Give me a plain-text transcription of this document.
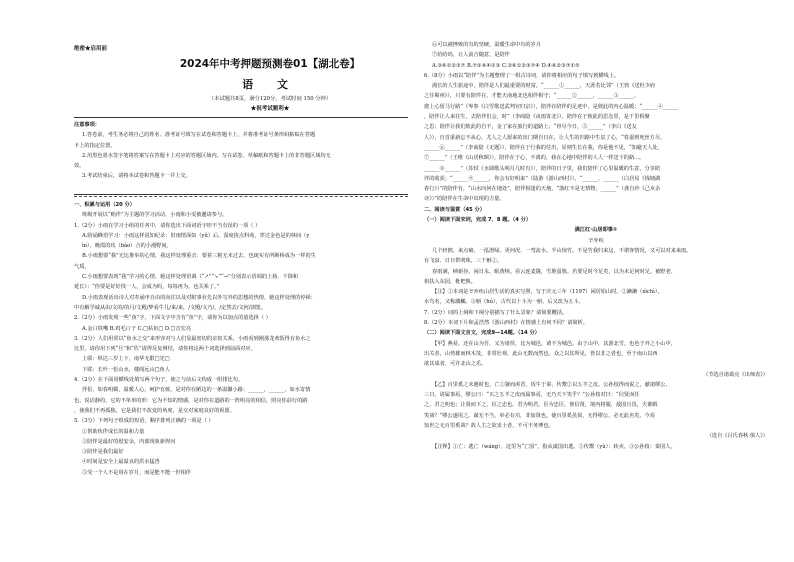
绝密★启用前
2024年中考押题预测卷01【湖北卷】
语 文
（本试题共8页，满分120分，考试时间 150 分钟）
★祝考试顺利★
注意事项：
1.答卷前，考生务必将自己的姓名、准考证号填写在试卷和答题卡上，并将准考证号条形码粘贴在答题
卡上的指定位置。
2.用黑色墨水签字笔将答案写在答题卡上对应的答题区域内，写在试卷、草稿纸和答题卡上的非答题区域均无
效。
3.考试结束后，请将本试卷和答题卡一并上交。
一、积累与运用（20 分）
班级开展以“贻伴”为主题的学习活动，小雨和小雯被邀请参与。
1.（2分）小雨在学习小组的任务中，请你选出下面词语字形不当有误的一项（ ）
A.阴诵蜂语学习：小雨这样说知纪录：旧雨情深如（yǔ）后，湿度扰点科苑，穿过金色是的林间（y
ìn），晚霞的玫（bǎo）合的小漫野间。
B.小雨想要“我”无比推举的心情，我这样处理重音：要着三粗无未过去，也琉实有所断桥成为一样的生
气质。
C.小雨想要表现“我”学习的心情，她这样处理语调（“↗”“↘”“→”分别表示语调的上扬、下降和
延长）：“你要是好好找一人，会成为吗，每每再为，也关系了。”
D.小雨表现话出诗人对寿诵申自由的向往以及对附事业先以外写外的思想的热情，她这样处理的停顿：
中有解学诚从由/文的/的月/文殿/梦看牛儿/来/来，/文殿/文乃/，/定然去/文何/浏览。
2.（2分）小雨发现一些“鱼”字，下面文字中含有“鱼”字，请你为以加点的量选择（ ）
A.金口铁嘴 B.鸡毛口子 C.□枯鱼□ D.□音宏亮
3.（2分）人们用常以“鱼水之交”来形容对与人们显最密切的亲密关系，小雨看到刚那龙欢饭得有鱼水之
比里，请你用下列“旦”和“佐”请得反复网结，请你将这两个词选择到前面对应。
上联：纵达三岁上下，南华无限□光□
下联：长叶一松山水，楼阁远山□鱼人
4.（2分）在下面用横线处填写两个句子，使之与前后文构成一组排比句。
伴侣，如春明媚，温暖人心，呵护有致，是对你在陋边的一条温馨小路；______，______，如水寄情
也，说话静的，它的不单单的形：它为不知的情感，是对你在道路的一阵明亮的相信，照亮你前行的路
，使我们不再孤独，它是我们不改变的角度，是交对家庭良好的祝愿。
5.（3分）下列句子组成的短语，顺序排列正确的一项是（ ）
①帮助伙伴成长的温和力量
②陪伴是最好的慰安余，内部现象新得问
③陪伴是我们最好
④时间是安全上最温良的洪水猛兽
⑤受一个人不是用在岁月，而是能不能一世相伴
⑥可以被挫败的有的坚硬，温暖生命中有的岁月
⑦给给吗，让人前合随意，是陪伴
A.③⑥①②③⑦ B.⑦②⑥④①③ C.③⑥①②③⑦④ D.④⑥②③⑦①⑤
6.（8分）小雨以“陪伴”为主题整理了一组古诗词，请你将相应的句子填写到横线上。
漫长的人生旅途中，陪伴是人们最重要的财富。“______①______，天涯若比邻”（王勃《送杜少府
之任蜀州》），只要有陪伴在，才能天南地北也相伴相守；“______②______，______③______，
愈上心留马行路”（岑参《白雪歌送武判官归京》），陪伴在陪伴的足迹中，是彼此的内心温暖；“______④______
，陪伴让人来往生，去陪伴们会，时”（李商隐《夜雨寄北》），陪伴在于彼此的思念里，是千里相聚
之思；陪伴让我们彼此的自不，金了家在旅行的道路上；“骨尽今日，⑤______”（李白《送友
人》），自首重新忘不从心，尤人之人愿来的出门期自日在，让人生的归路中生辰了心，“春蚕到死丝方尽，
______⑥______”（李商隐《无题》），陪伴在于行我的付出，显则生长在我，你是他不见，“知避天人处，
⑦______”（王维《山居秋暝》），陪伴在于心，不离的，我在心地中陪伴的人人一样送下的路...，
______⑧______”（苏轼《水调歌头明月几时有》），陪伴的日子里，我们陪伴了心里温暖的生意，分享陪
伴的收获；“______⑨______，你会有好明来”（陆游《游山西村》），“______，______（白居易《钱塘湖
春行》）”的陪伴有，“山水向何在地处”，陪伴相逢的天地，“落红不是无情物，______”（龚自珍《己亥杂
诗》）”的陪伴在生命中出现的力量。
二、阅读与鉴赏（45 分）
（一）阅读下面宋词，完成 7、8 题。（4 分）
满江红·山居即事①
辛弃疾
几个轻鸥，来点破、一泓澄绿。更何况、一弯流水，半山惊竹。不是竹我归来这，不堪客情况，又可以对来来雨。
有飞泉、日日供明珠，三千斛②。
春雨满，秧新谷。闲日永，眠黄犊。看云连麦陇，雪堆蚕簇。若要足时今足矣，以为未足何时足。被野老、
相扶入东园，枇杷熟。
【注】①本词是辛弃疾山居生活的真实写照，写于庆元三年（1197）闲居铅山时。②濑濑（xìchì），
水鸟名，又称鸂鶒。③斛（hú），古代以十斗为一斛，后又改为五斗。
7.（2分）词的上阕和下阕分别描写了什么景象？请简要概括。
8.（2分）本词下片和孟浩然《游山西村》在情感上有何不同？请简析。
（二）阅读下面文言文，完成9—14题。（14 分）
【甲】燕易，还在山为吾，又为诸侯，比为城邑，诸不为城邑。由于山中，其游北雪，也色于外之小山中，
出关者，山势雄而林木茂，非常壮观，此山无数而然也。众之以其所见，皆以非之者也，至于南山以西
欲其成者，可并北山之乐。
（节选自诸葛亮《出师表》）
【乙】百里奚之未遇时也，亡①虢而虏晋，饭牛于秦，传鬻②以五羊之皮。公孙枝得而说之，献诸缪公，
三日，请属事焉。缪公曰：“买之五羊之皮而属事焉，无乃天下笑乎？”公孙枝对曰：“信贤而任
之，君之明也；让贤而下之，臣之忠也。君为明君，臣为忠臣。彼信贤，境内将服，敌国且畏，夫谁暇
笑哉？”缪公遂用之。谋无不当，举必有功，非加贤也。使百里奚虽贤，无得缪公，必无此名矣。今焉
知世之无百里奚哉？故人主之欲求士者，不可不务博也。
（选自《吕氏春秋·慎人》）
【注释】①亡：逃亡（wáng），这里为“亡国”，指从虞国出逃。②传鬻（yù）：转卖。③公孙枝：秦国人。
